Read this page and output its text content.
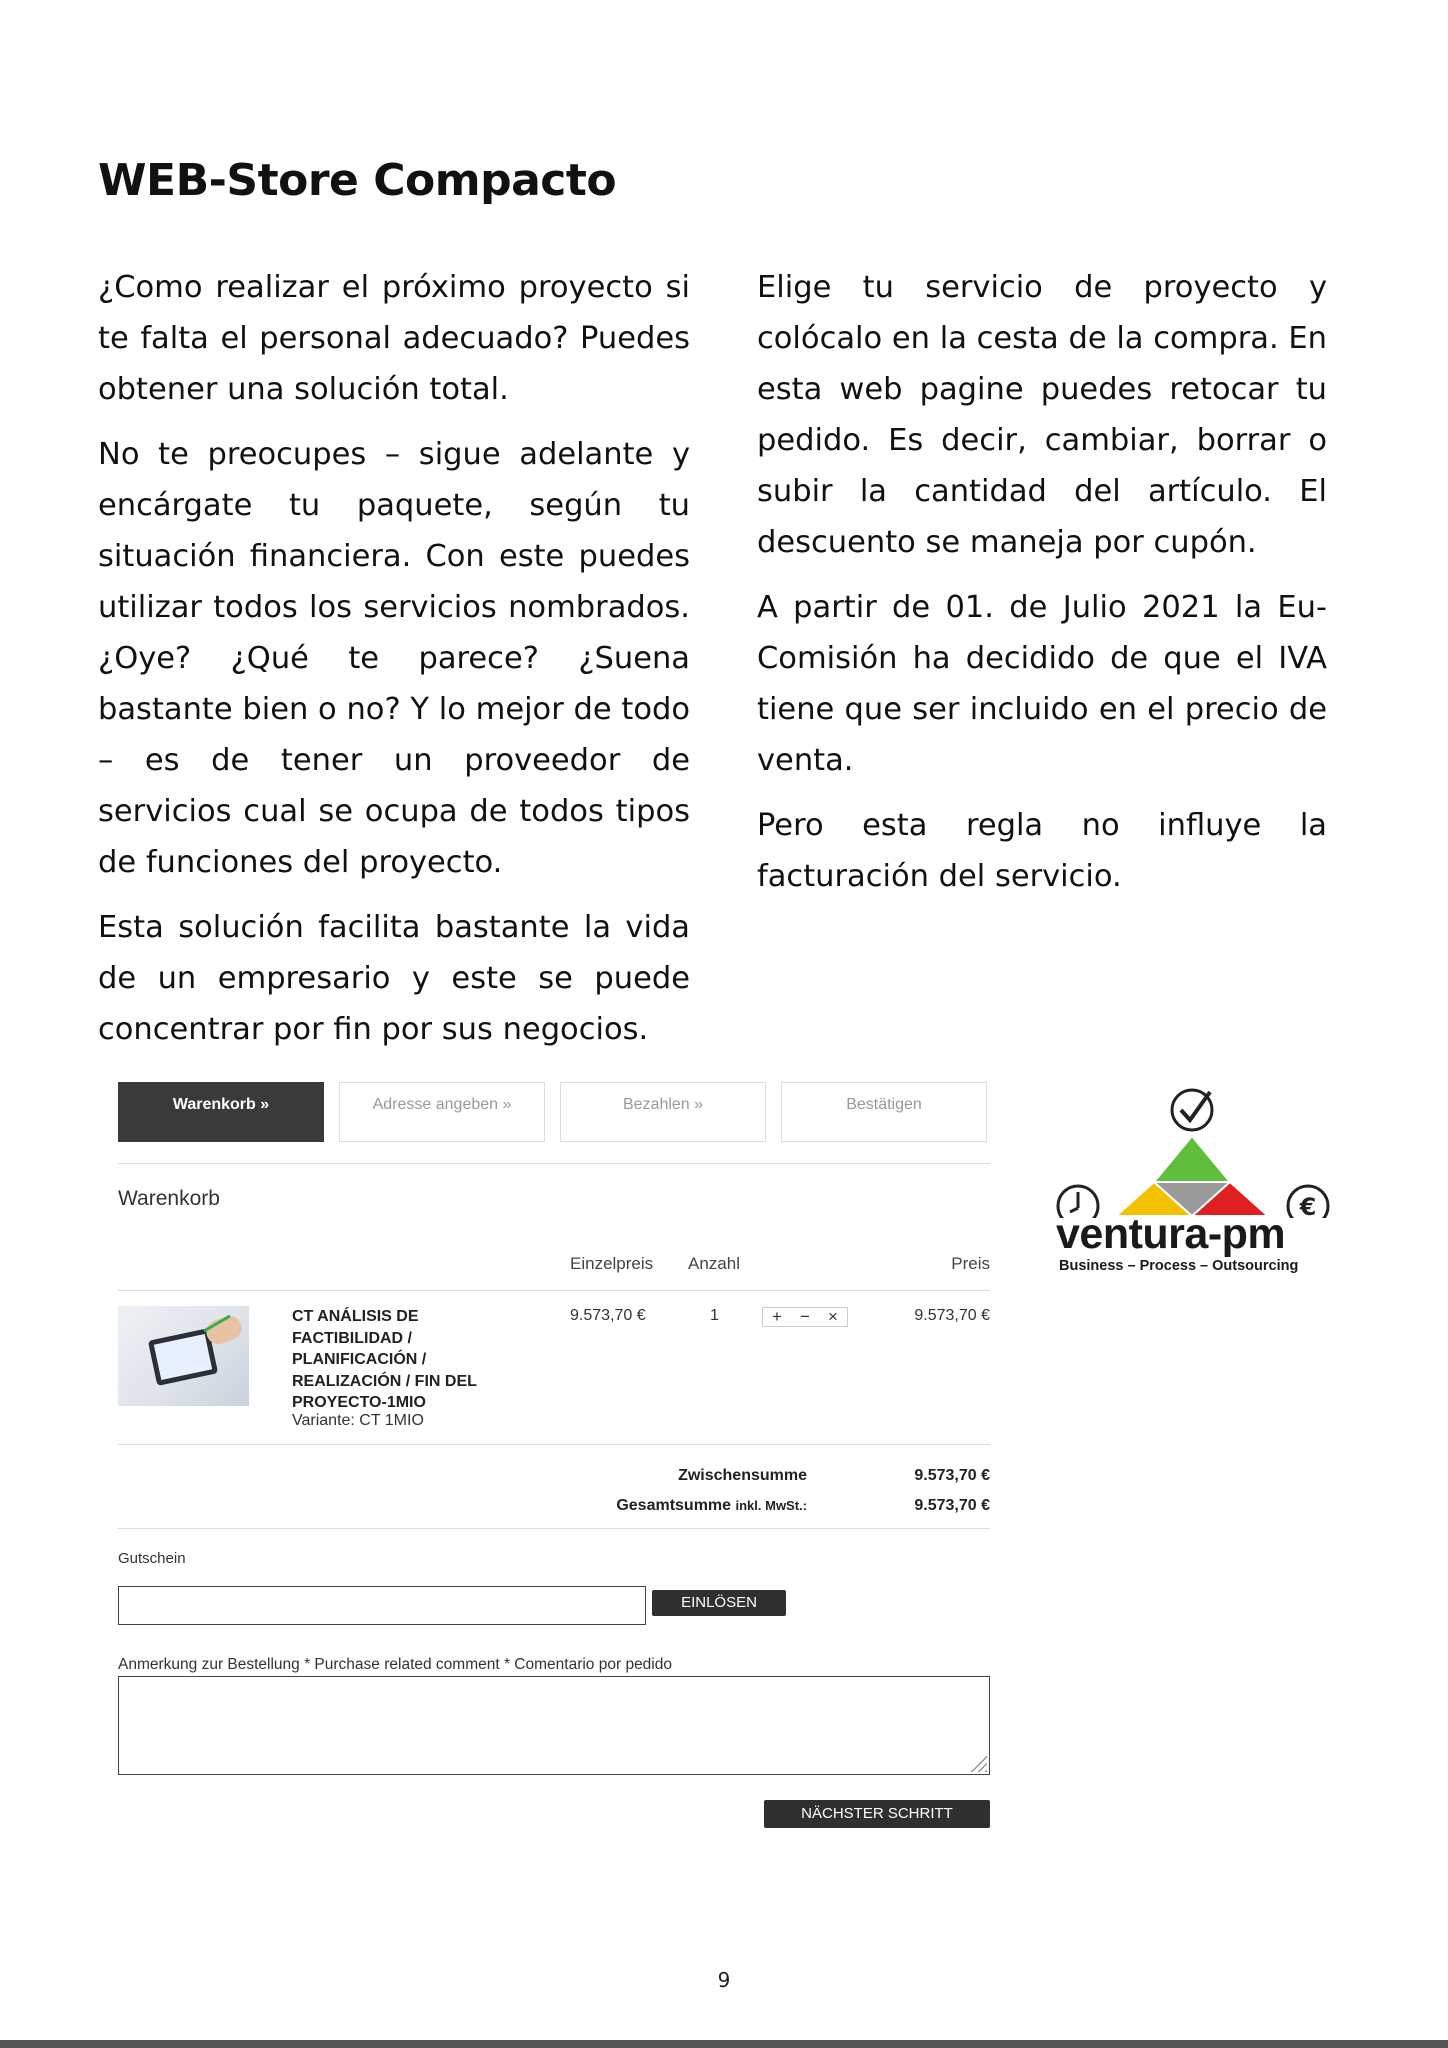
WEB-Store Compacto

¿Como realizar el próximo proyecto si te falta el personal adecuado? Puedes obtener una solución total.

No te preocupes – sigue adelante y encárgate tu paquete, según tu situación financiera. Con este puedes utilizar todos los servicios nombrados. ¿Oye? ¿Qué te parece? ¿Suena bastante bien o no? Y lo mejor de todo – es de tener un proveedor de servicios cual se ocupa de todos tipos de funciones del proyecto.

Esta solución facilita bastante la vida de un empresario y este se puede concentrar por fin por sus negocios.

Elige tu servicio de proyecto y colócalo en la cesta de la compra. En esta web pagine puedes retocar tu pedido. Es decir, cambiar, borrar o subir la cantidad del artículo. El descuento se maneja por cupón.

A partir de 01. de Julio 2021 la Eu-Comisión ha decidido de que el IVA tiene que ser incluido en el precio de venta.

Pero esta regla no influye la facturación del servicio.

Warenkorb »	Adresse angeben »	Bezahlen »	Bestätigen
Warenkorb
Einzelpreis Anzahl	Preis
CT ANÁLISIS DE FACTIBILIDAD / PLANIFICACIÓN / REALIZACIÓN / FIN DEL PROYECTO-1MIO
Variante: CT 1MIO
9.573,70 €	1	+	−	×	9.573,70 €
Zwischensumme	9.573,70 €
Gesamtsumme inkl. MwSt.:	9.573,70 €
Gutschein
EINLÖSEN
Anmerkung zur Bestellung * Purchase related comment * Comentario por pedido
NÄCHSTER SCHRITT
€
ventura-pm
Business – Process – Outsourcing
9
